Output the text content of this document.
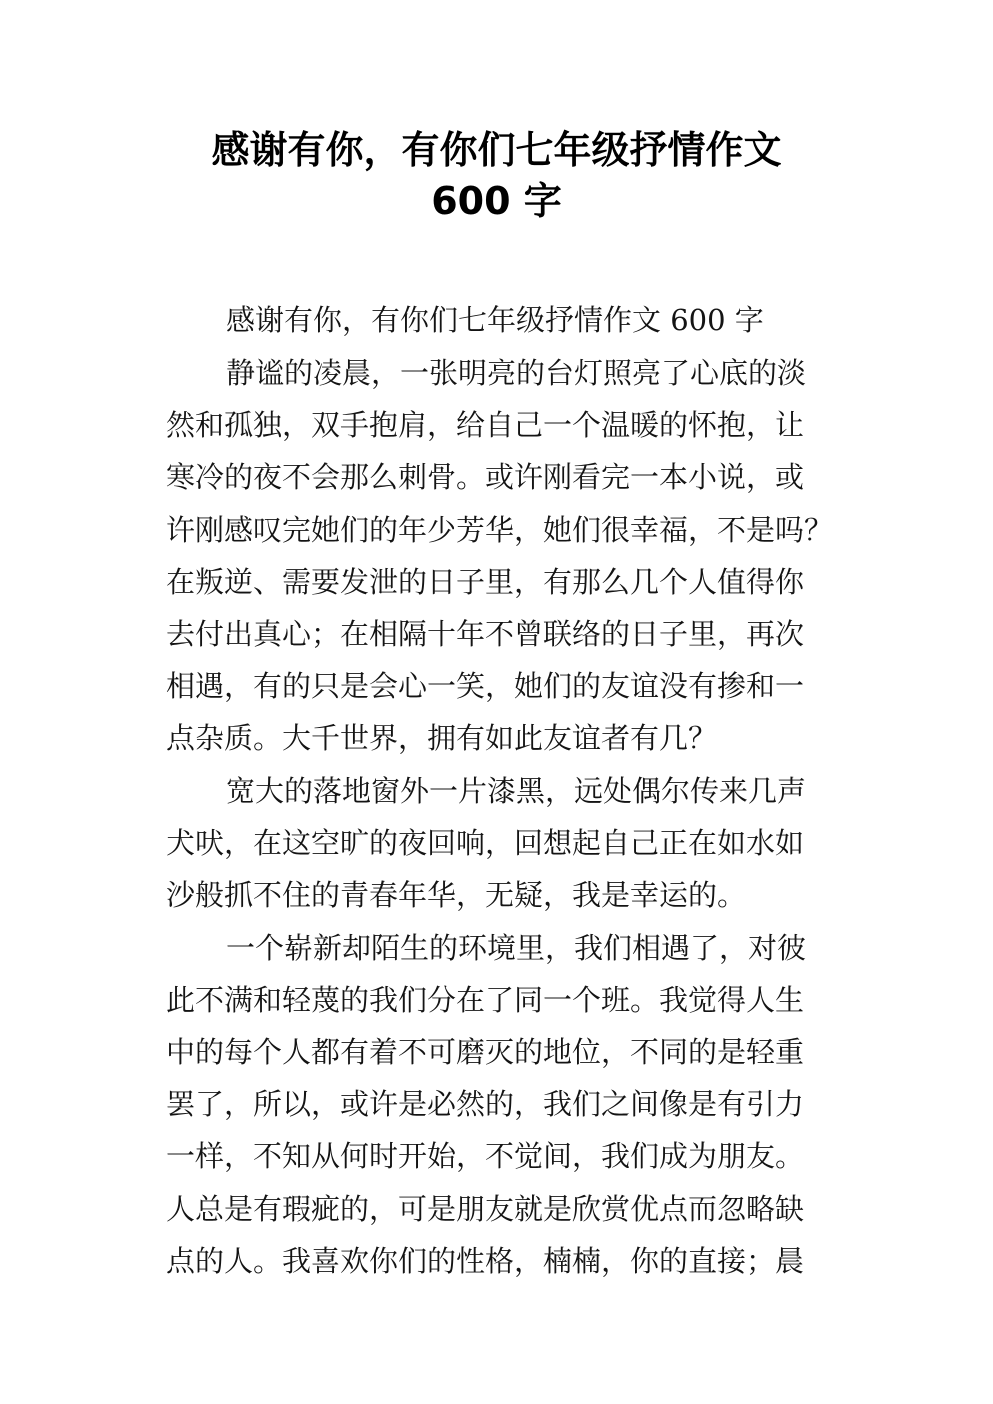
感谢有你，有你们七年级抒情作文
600 字
感谢有你，有你们七年级抒情作文 600 字
静谧的凌晨，一张明亮的台灯照亮了心底的淡
然和孤独，双手抱肩，给自己一个温暖的怀抱，让
寒冷的夜不会那么刺骨。或许刚看完一本小说，或
许刚感叹完她们的年少芳华，她们很幸福，不是吗？
在叛逆、需要发泄的日子里，有那么几个人值得你
去付出真心；在相隔十年不曾联络的日子里，再次
相遇，有的只是会心一笑，她们的友谊没有掺和一
点杂质。大千世界，拥有如此友谊者有几？
宽大的落地窗外一片漆黑，远处偶尔传来几声
犬吠，在这空旷的夜回响，回想起自己正在如水如
沙般抓不住的青春年华，无疑，我是幸运的。
一个崭新却陌生的环境里，我们相遇了，对彼
此不满和轻蔑的我们分在了同一个班。我觉得人生
中的每个人都有着不可磨灭的地位，不同的是轻重
罢了，所以，或许是必然的，我们之间像是有引力
一样，不知从何时开始，不觉间，我们成为朋友。
人总是有瑕疵的，可是朋友就是欣赏优点而忽略缺
点的人。我喜欢你们的性格，楠楠，你的直接；晨
